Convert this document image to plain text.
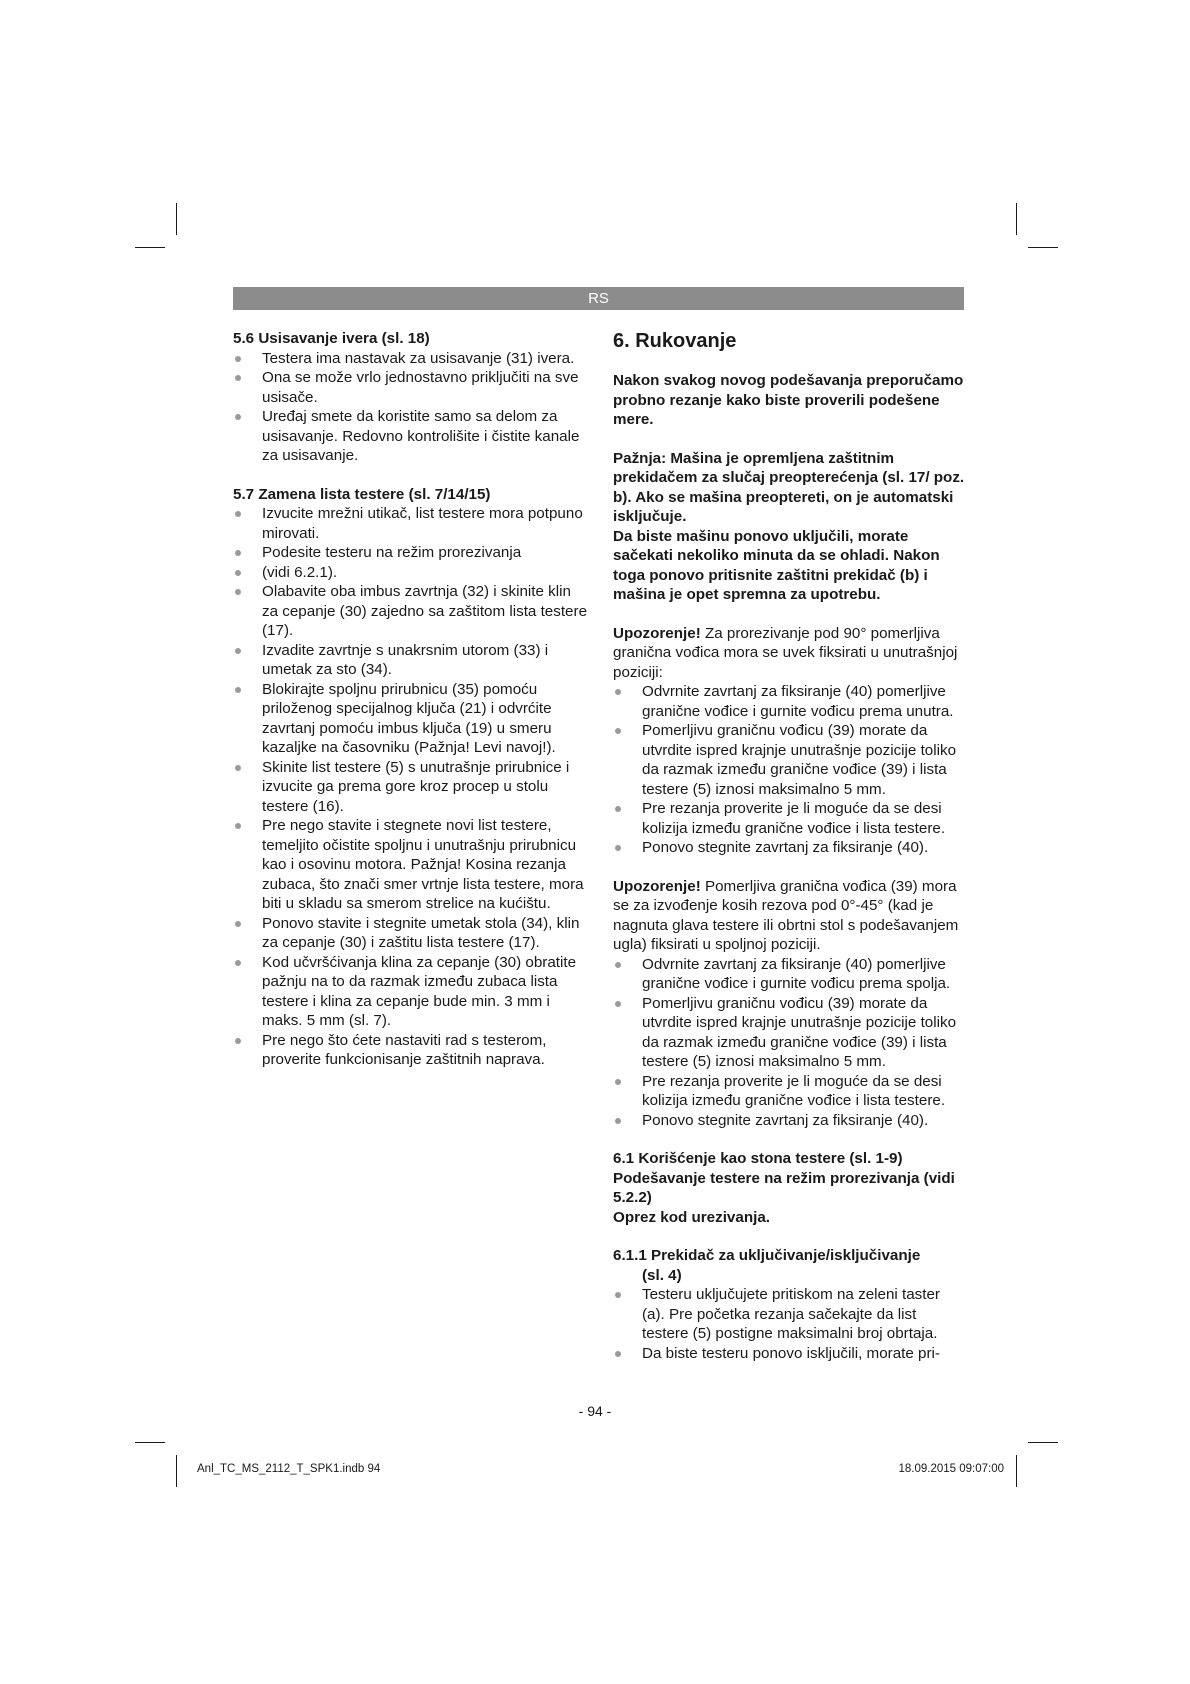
RS

5.6 Usisavanje ivera (sl. 18)

Testera ima nastavak za usisavanje (31) ivera.
Ona se može vrlo jednostavno priključiti na sve usisače.
Uređaj smete da koristite samo sa delom za usisavanje. Redovno kontrolišite i čistite kanale za usisavanje.

5.7 Zamena lista testere (sl. 7/14/15)

Izvucite mrežni utikač, list testere mora potpuno mirovati.
Podesite testeru na režim prorezivanja
(vidi 6.2.1).
Olabavite oba imbus zavrtnja (32) i skinite klin za cepanje (30) zajedno sa zaštitom lista testere (17).
Izvadite zavrtnje s unakrsnim utorom (33) i umetak za sto (34).
Blokirajte spoljnu prirubnicu (35) pomoću priloženog specijalnog ključa (21) i odvrćite zavrtanj pomoću imbus ključa (19) u smeru kazaljke na časovniku (Pažnja! Levi navoj!).
Skinite list testere (5) s unutrašnje prirubnice i izvucite ga prema gore kroz procep u stolu testere (16).
Pre nego stavite i stegnete novi list testere, temeljito očistite spoljnu i unutrašnju prirubnicu kao i osovinu motora. Pažnja! Kosina rezanja zubaca, što znači smer vrtnje lista testere, mora biti u skladu sa smerom strelice na kućištu.
Ponovo stavite i stegnite umetak stola (34), klin za cepanje (30) i zaštitu lista testere (17).
Kod učvršćivanja klina za cepanje (30) obratite pažnju na to da razmak između zubaca lista testere i klina za cepanje bude min. 3 mm i maks. 5 mm (sl. 7).
Pre nego što ćete nastaviti rad s testerom, proverite funkcionisanje zaštitnih naprava.

6. Rukovanje

Nakon svakog novog podešavanja preporučamo probno rezanje kako biste proverili podešene mere.

Pažnja: Mašina je opremljena zaštitnim prekidačem za slučaj preopterećenja (sl. 17/ poz. b). Ako se mašina preoptereti, on je automatski isključuje.

Da biste mašinu ponovo uključili, morate sačekati nekoliko minuta da se ohladi. Nakon toga ponovo pritisnite zaštitni prekidač (b) i mašina je opet spremna za upotrebu.

Upozorenje! Za prorezivanje pod 90° pomerljiva granična vođica mora se uvek fiksirati u unutrašnjoj poziciji:

Odvrnite zavrtanj za fiksiranje (40) pomerljive granične vođice i gurnite vođicu prema unutra.
Pomerljivu graničnu vođicu (39) morate da utvrdite ispred krajnje unutrašnje pozicije toliko da razmak između granične vođice (39) i lista testere (5) iznosi maksimalno 5 mm.
Pre rezanja proverite je li moguće da se desi kolizija između granične vođice i lista testere.
Ponovo stegnite zavrtanj za fiksiranje (40).

Upozorenje! Pomerljiva granična vođica (39) mora se za izvođenje kosih rezova pod 0°-45° (kad je nagnuta glava testere ili obrtni stol s podešavanjem ugla) fiksirati u spoljnoj poziciji.

Odvrnite zavrtanj za fiksiranje (40) pomerljive granične vođice i gurnite vođicu prema spolja.
Pomerljivu graničnu vođicu (39) morate da utvrdite ispred krajnje unutrašnje pozicije toliko da razmak između granične vođice (39) i lista testere (5) iznosi maksimalno 5 mm.
Pre rezanja proverite je li moguće da se desi kolizija između granične vođice i lista testere.
Ponovo stegnite zavrtanj za fiksiranje (40).

6.1 Korišćenje kao stona testere (sl. 1-9)

Podešavanje testere na režim prorezivanja (vidi 5.2.2)

Oprez kod urezivanja.

6.1.1 Prekidač za uključivanje/isključivanje

(sl. 4)

Testeru uključujete pritiskom na zeleni taster (a). Pre početka rezanja sačekajte da list testere (5) postigne maksimalni broj obrtaja.
Da biste testeru ponovo isključili, morate pri-
- 94 -
Anl_TC_MS_2112_T_SPK1.indb 94	18.09.2015 09:07:00
